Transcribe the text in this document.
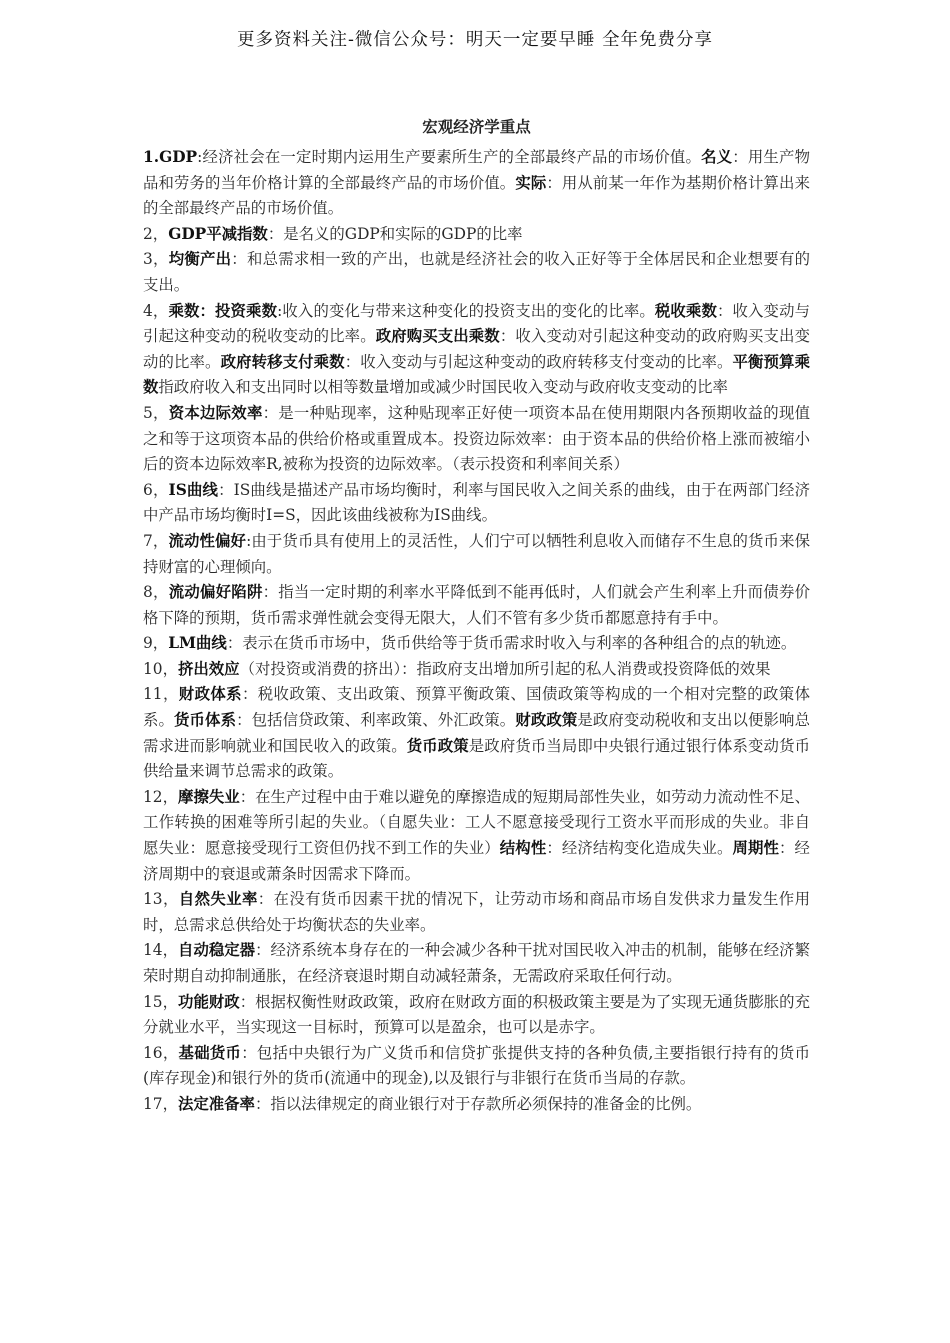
更多资料关注-微信公众号：明天一定要早睡 全年免费分享
宏观经济学重点

1.GDP:经济社会在一定时期内运用生产要素所生产的全部最终产品的市场价值。名义：用生产物品和劳务的当年价格计算的全部最终产品的市场价值。实际：用从前某一年作为基期价格计算出来的全部最终产品的市场价值。

2，GDP平减指数：是名义的GDP和实际的GDP的比率

3，均衡产出：和总需求相一致的产出，也就是经济社会的收入正好等于全体居民和企业想要有的支出。

4，乘数：投资乘数:收入的变化与带来这种变化的投资支出的变化的比率。税收乘数：收入变动与引起这种变动的税收变动的比率。政府购买支出乘数：收入变动对引起这种变动的政府购买支出变动的比率。政府转移支付乘数：收入变动与引起这种变动的政府转移支付变动的比率。平衡预算乘数指政府收入和支出同时以相等数量增加或减少时国民收入变动与政府收支变动的比率

5，资本边际效率：是一种贴现率，这种贴现率正好使一项资本品在使用期限内各预期收益的现值之和等于这项资本品的供给价格或重置成本。投资边际效率：由于资本品的供给价格上涨而被缩小后的资本边际效率R,被称为投资的边际效率。（表示投资和利率间关系）

6，IS曲线：IS曲线是描述产品市场均衡时，利率与国民收入之间关系的曲线，由于在两部门经济中产品市场均衡时I=S，因此该曲线被称为IS曲线。

7，流动性偏好:由于货币具有使用上的灵活性，人们宁可以牺牲利息收入而储存不生息的货币来保持财富的心理倾向。

8，流动偏好陷阱：指当一定时期的利率水平降低到不能再低时，人们就会产生利率上升而债券价格下降的预期，货币需求弹性就会变得无限大，人们不管有多少货币都愿意持有手中。

9，LM曲线：表示在货币市场中，货币供给等于货币需求时收入与利率的各种组合的点的轨迹。

10，挤出效应（对投资或消费的挤出）：指政府支出增加所引起的私人消费或投资降低的效果

11，财政体系：税收政策、支出政策、预算平衡政策、国债政策等构成的一个相对完整的政策体系。货币体系：包括信贷政策、利率政策、外汇政策。财政政策是政府变动税收和支出以便影响总需求进而影响就业和国民收入的政策。货币政策是政府货币当局即中央银行通过银行体系变动货币供给量来调节总需求的政策。

12，摩擦失业：在生产过程中由于难以避免的摩擦造成的短期局部性失业，如劳动力流动性不足、工作转换的困难等所引起的失业。（自愿失业：工人不愿意接受现行工资水平而形成的失业。非自愿失业：愿意接受现行工资但仍找不到工作的失业）结构性：经济结构变化造成失业。周期性：经济周期中的衰退或萧条时因需求下降而。

13，自然失业率：在没有货币因素干扰的情况下，让劳动市场和商品市场自发供求力量发生作用时，总需求总供给处于均衡状态的失业率。

14，自动稳定器：经济系统本身存在的一种会减少各种干扰对国民收入冲击的机制，能够在经济繁荣时期自动抑制通胀，在经济衰退时期自动减轻萧条，无需政府采取任何行动。

15，功能财政：根据权衡性财政政策，政府在财政方面的积极政策主要是为了实现无通货膨胀的充分就业水平，当实现这一目标时，预算可以是盈余，也可以是赤字。

16，基础货币：包括中央银行为广义货币和信贷扩张提供支持的各种负债,主要指银行持有的货币(库存现金)和银行外的货币(流通中的现金),以及银行与非银行在货币当局的存款。

17，法定准备率：指以法律规定的商业银行对于存款所必须保持的准备金的比例。
